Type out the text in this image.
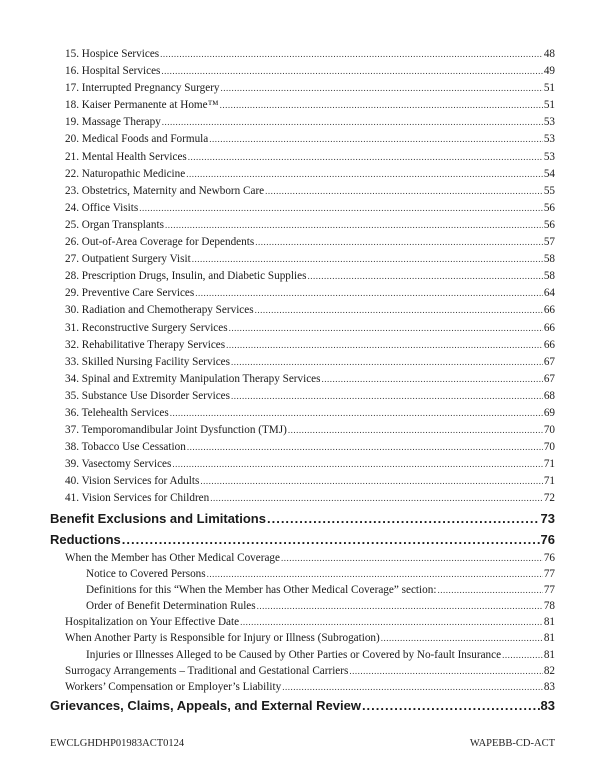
15. Hospice Services .....	48
16. Hospital Services .....	49
17. Interrupted Pregnancy Surgery .....	51
18. Kaiser Permanente at Home™ .....	51
19. Massage Therapy .....	53
20. Medical Foods and Formula .....	53
21. Mental Health Services .....	53
22. Naturopathic Medicine .....	54
23. Obstetrics, Maternity and Newborn Care .....	55
24. Office Visits .....	56
25. Organ Transplants .....	56
26. Out-of-Area Coverage for Dependents .....	57
27. Outpatient Surgery Visit .....	58
28. Prescription Drugs, Insulin, and Diabetic Supplies .....	58
29. Preventive Care Services .....	64
30. Radiation and Chemotherapy Services .....	66
31. Reconstructive Surgery Services .....	66
32. Rehabilitative Therapy Services .....	66
33. Skilled Nursing Facility Services .....	67
34. Spinal and Extremity Manipulation Therapy Services .....	67
35. Substance Use Disorder Services .....	68
36. Telehealth Services .....	69
37. Temporomandibular Joint Dysfunction (TMJ) .....	70
38. Tobacco Use Cessation .....	70
39. Vasectomy Services .....	71
40. Vision Services for Adults .....	71
41. Vision Services for Children .....	72
Benefit Exclusions and Limitations .....	73
Reductions .....	76
When the Member has Other Medical Coverage .....	76
Notice to Covered Persons .....	77
Definitions for this “When the Member has Other Medical Coverage” section: .....	77
Order of Benefit Determination Rules .....	78
Hospitalization on Your Effective Date .....	81
When Another Party is Responsible for Injury or Illness (Subrogation) .....	81
Injuries or Illnesses Alleged to be Caused by Other Parties or Covered by No-fault Insurance .....	81
Surrogacy Arrangements – Traditional and Gestational Carriers .....	82
Workers’ Compensation or Employer’s Liability .....	83
Grievances, Claims, Appeals, and External Review .....	83
EWCLGHDHP01983ACT0124	WAPEBB-CD-ACT
